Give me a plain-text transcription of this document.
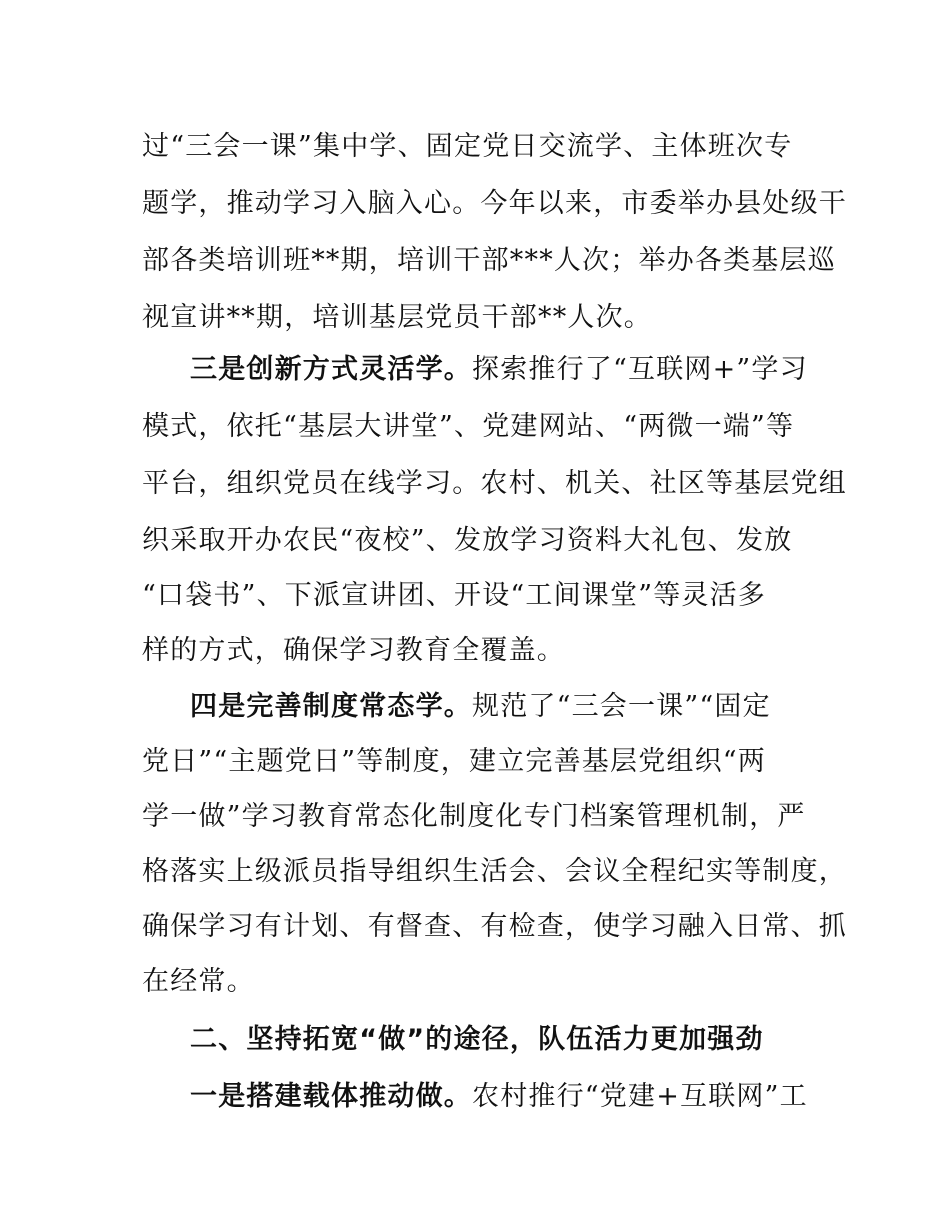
过“三会一课”集中学、固定党日交流学、主体班次专
题学，推动学习入脑入心。今年以来，市委举办县处级干
部各类培训班**期，培训干部***人次；举办各类基层巡
视宣讲**期，培训基层党员干部**人次。
三是创新方式灵活学。探索推行了“互联网+”学习
模式，依托“基层大讲堂”、党建网站、“两微一端”等
平台，组织党员在线学习。农村、机关、社区等基层党组
织采取开办农民“夜校”、发放学习资料大礼包、发放
“口袋书”、下派宣讲团、开设“工间课堂”等灵活多
样的方式，确保学习教育全覆盖。
四是完善制度常态学。规范了“三会一课”“固定
党日”“主题党日”等制度，建立完善基层党组织“两
学一做”学习教育常态化制度化专门档案管理机制，严
格落实上级派员指导组织生活会、会议全程纪实等制度，
确保学习有计划、有督查、有检查，使学习融入日常、抓
在经常。
二、坚持拓宽“做”的途径，队伍活力更加强劲
一是搭建载体推动做。农村推行“党建+互联网”工
